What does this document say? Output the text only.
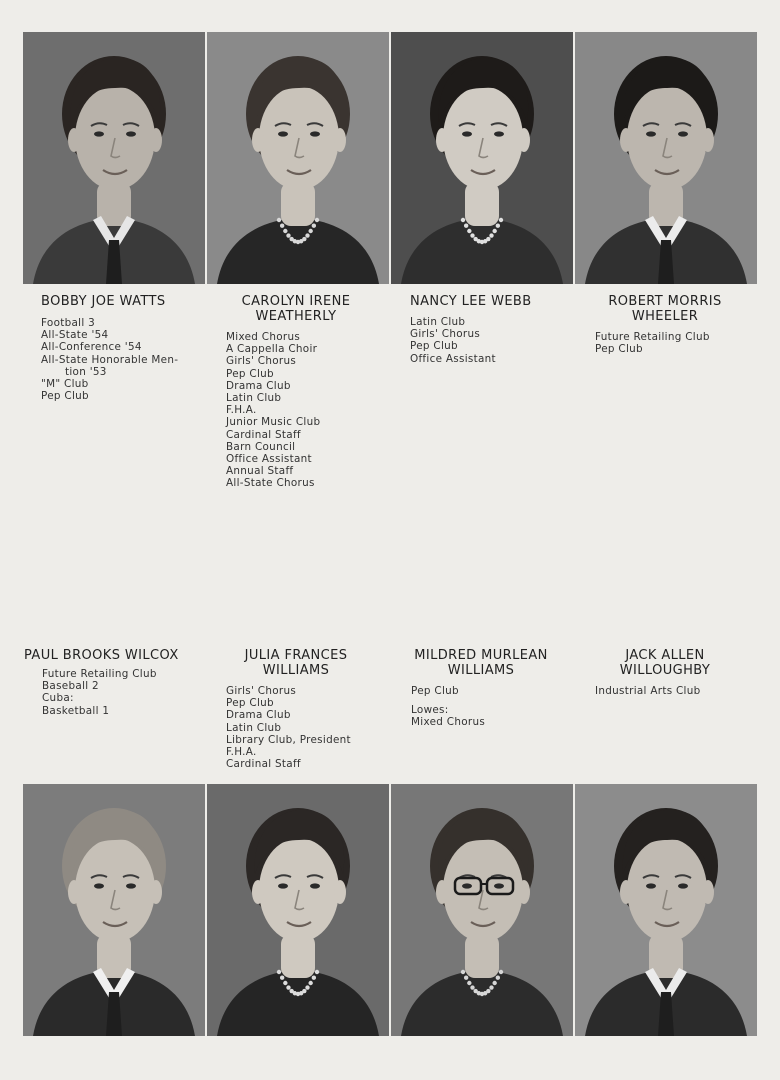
BOBBY JOE WATTS
Football 3
All-State '54
All-Conference '54
All-State Honorable Men-
tion '53
"M" Club
Pep Club
CAROLYN IRENE
WEATHERLY
Mixed Chorus
A Cappella Choir
Girls' Chorus
Pep Club
Drama Club
Latin Club
F.H.A.
Junior Music Club
Cardinal Staff
Barn Council
Office Assistant
Annual Staff
All-State Chorus
NANCY LEE WEBB
Latin Club
Girls' Chorus
Pep Club
Office Assistant
ROBERT MORRIS
WHEELER
Future Retailing Club
Pep Club
PAUL BROOKS WILCOX
Future Retailing Club
Baseball 2
Cuba:
Basketball 1
JULIA FRANCES
WILLIAMS
Girls' Chorus
Pep Club
Drama Club
Latin Club
Library Club, President
F.H.A.
Cardinal Staff
MILDRED MURLEAN
WILLIAMS
Pep Club
Lowes:
Mixed Chorus
JACK ALLEN
WILLOUGHBY
Industrial Arts Club
